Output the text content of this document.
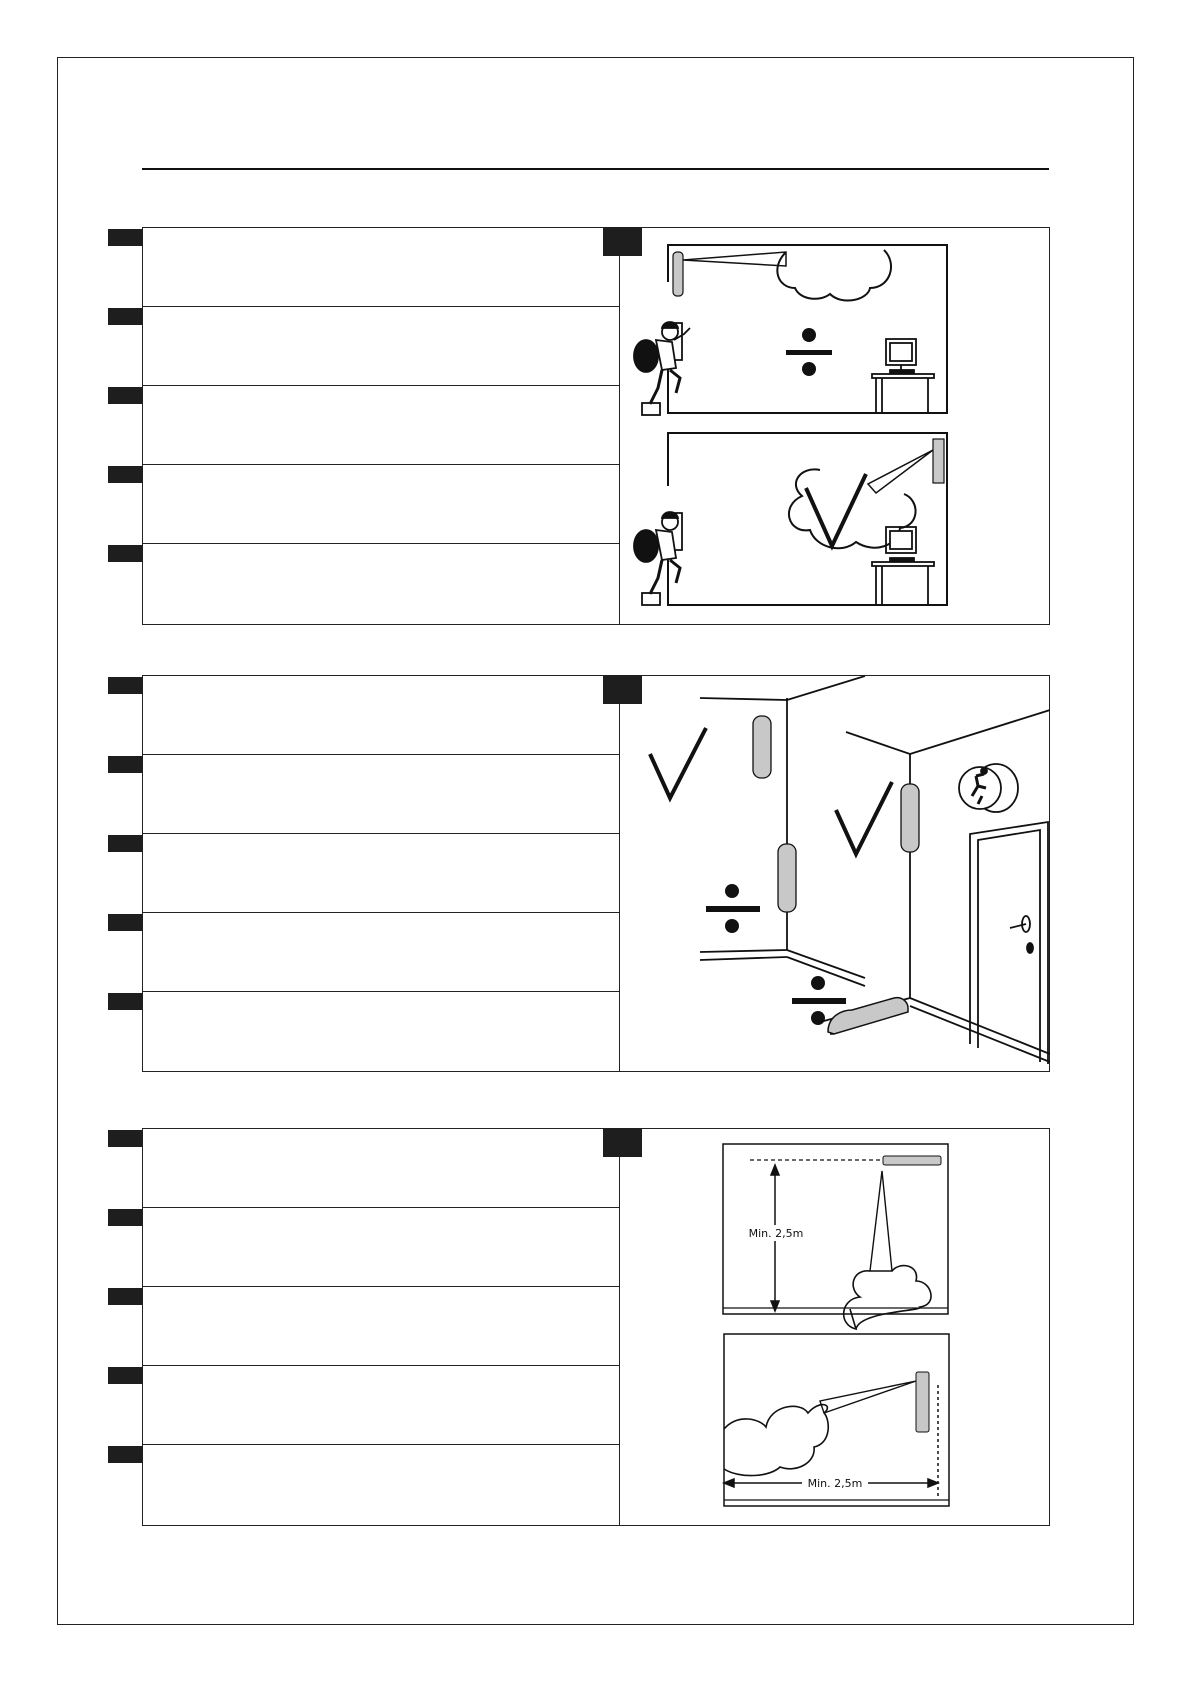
Min. 2,5m
Min. 2,5m
